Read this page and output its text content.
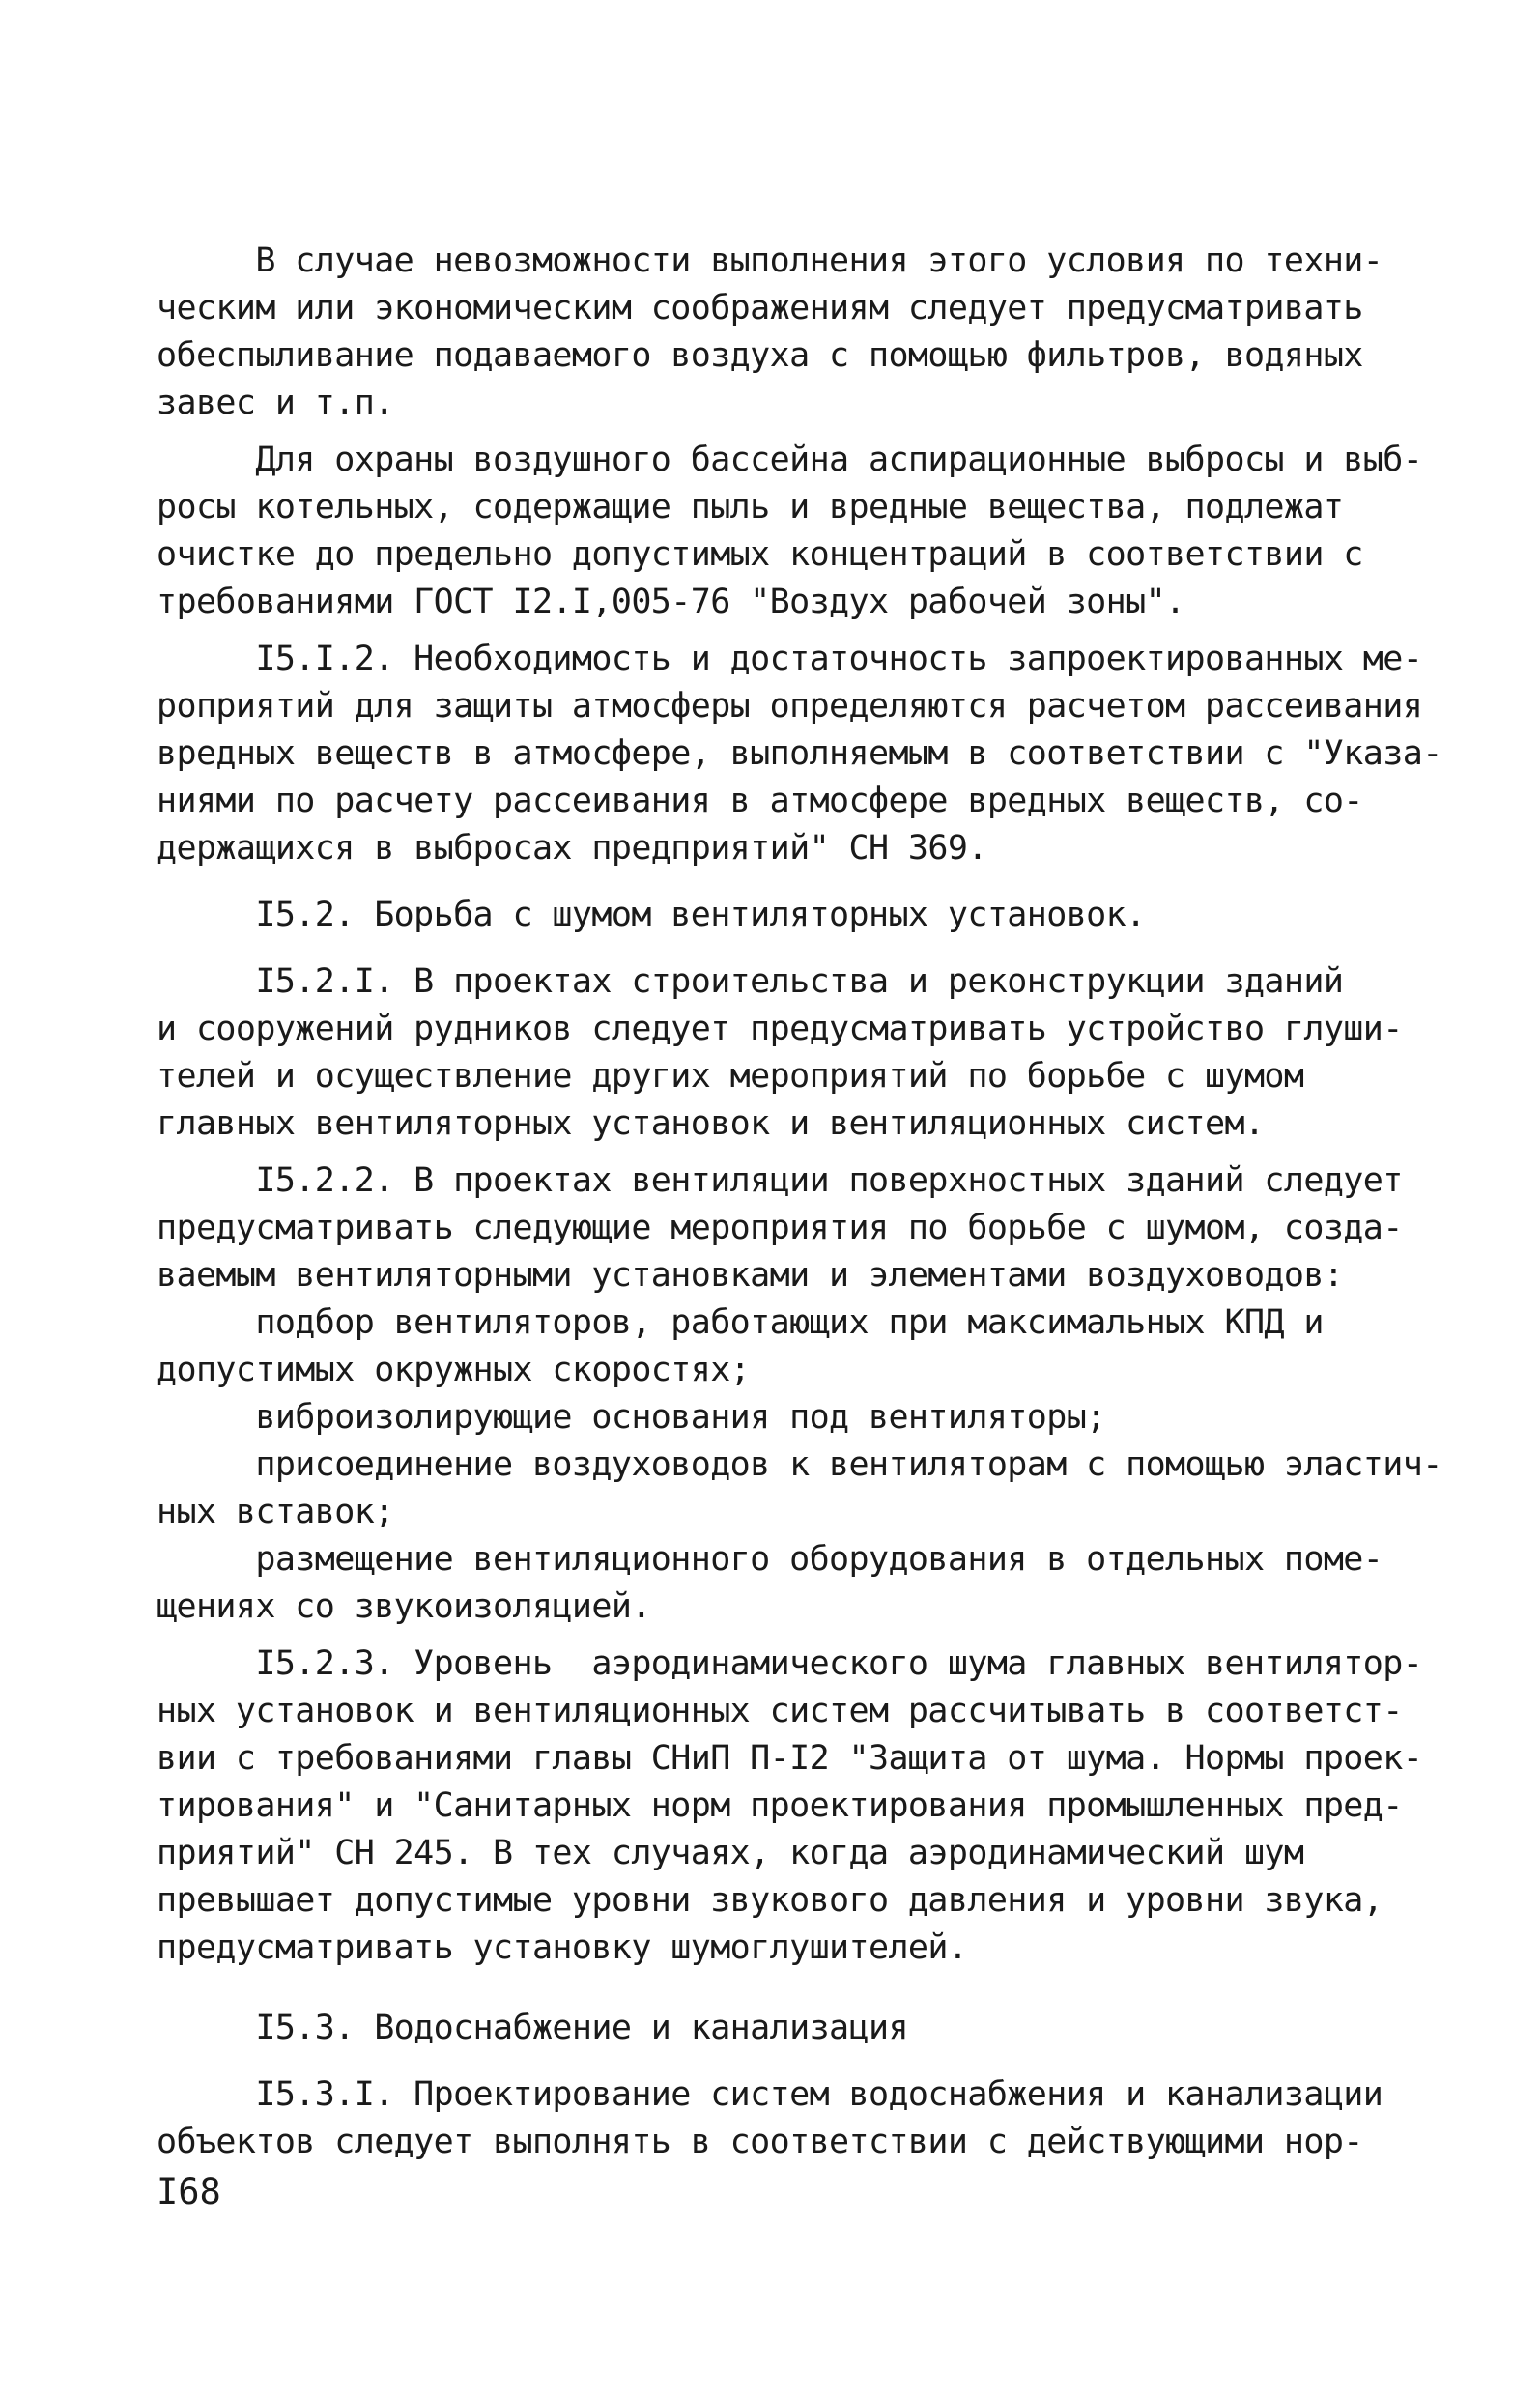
В случае невозможности выполнения этого условия по техни-
ческим или экономическим соображениям следует предусматривать
обеспыливание подаваемого воздуха с помощью фильтров, водяных
завес и т.п.
Для охраны воздушного бассейна аспирационные выбросы и выб-
росы котельных, содержащие пыль и вредные вещества, подлежат
очистке до предельно допустимых концентраций в соответствии с
требованиями ГОСТ I2.I,005-76 "Воздух рабочей зоны".
I5.I.2. Необходимость и достаточность запроектированных ме-
роприятий для защиты атмосферы определяются расчетом рассеивания
вредных веществ в атмосфере, выполняемым в соответствии с "Указа-
ниями по расчету рассеивания в атмосфере вредных веществ, со-
держащихся в выбросах предприятий" СН 369.
I5.2. Борьба с шумом вентиляторных установок.
I5.2.I. В проектах строительства и реконструкции зданий
и сооружений рудников следует предусматривать устройство глуши-
телей и осуществление других мероприятий по борьбе с шумом
главных вентиляторных установок и вентиляционных систем.
I5.2.2. В проектах вентиляции поверхностных зданий следует
предусматривать следующие мероприятия по борьбе с шумом, созда-
ваемым вентиляторными установками и элементами воздуховодов:
подбор вентиляторов, работающих при максимальных КПД и
допустимых окружных скоростях;
виброизолирующие основания под вентиляторы;
присоединение воздуховодов к вентиляторам с помощью эластич-
ных вставок;
размещение вентиляционного оборудования в отдельных поме-
щениях со звукоизоляцией.
I5.2.3. Уровень  аэродинамического шума главных вентилятор-
ных установок и вентиляционных систем рассчитывать в соответст-
вии с требованиями главы СНиП П-I2 "Защита от шума. Нормы проек-
тирования" и "Санитарных норм проектирования промышленных пред-
приятий" СН 245. В тех случаях, когда аэродинамический шум
превышает допустимые уровни звукового давления и уровни звука,
предусматривать установку шумоглушителей.
I5.3. Водоснабжение и канализация
I5.3.I. Проектирование систем водоснабжения и канализации
объектов следует выполнять в соответствии с действующими нор-
I68
